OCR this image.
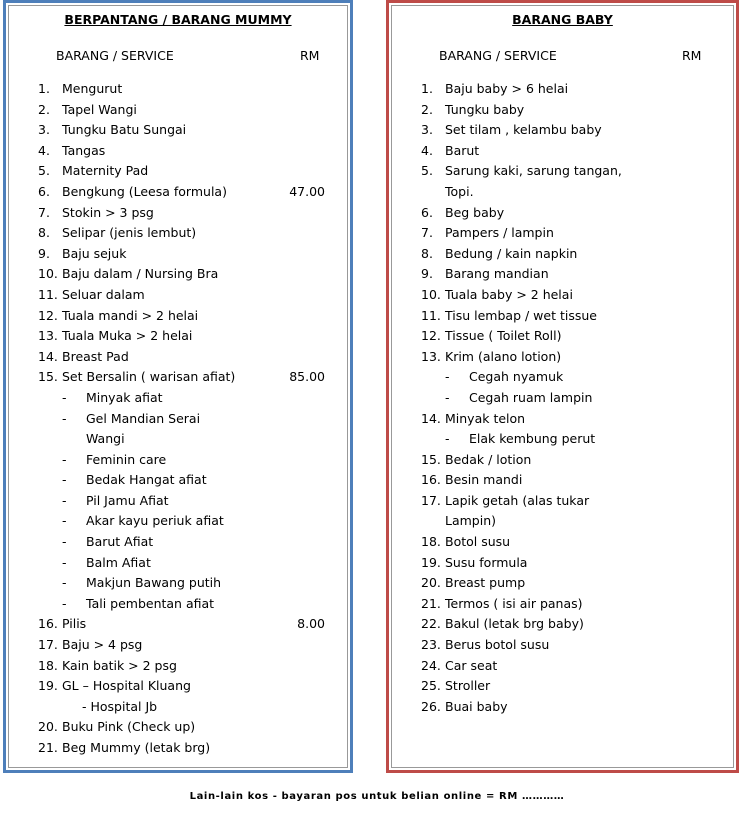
BERPANTANG / BARANG MUMMY
BARANG / SERVICE	RM
1. Mengurut
2. Tapel Wangi
3. Tungku Batu Sungai
4. Tangas
5. Maternity Pad
6. Bengkung (Leesa formula)	47.00
7. Stokin > 3 psg
8. Selipar (jenis lembut)
9. Baju sejuk
10. Baju dalam / Nursing Bra
11. Seluar dalam
12. Tuala mandi > 2 helai
13. Tuala Muka > 2 helai
14. Breast Pad
15. Set Bersalin ( warisan afiat)	85.00
- Minyak afiat
- Gel Mandian Serai
Wangi
- Feminin care
- Bedak Hangat afiat
- Pil Jamu Afiat
- Akar kayu periuk afiat
- Barut Afiat
- Balm Afiat
- Makjun Bawang putih
- Tali pembentan afiat
16. Pilis	8.00
17. Baju > 4 psg
18. Kain batik > 2 psg
19. GL – Hospital Kluang
- Hospital Jb
20. Buku Pink (Check up)
21. Beg Mummy (letak brg)
BARANG BABY
BARANG / SERVICE	RM
1. Baju baby > 6 helai
2. Tungku baby
3. Set tilam , kelambu baby
4. Barut
5. Sarung kaki, sarung tangan,
Topi.
6. Beg baby
7. Pampers / lampin
8. Bedung / kain napkin
9. Barang mandian
10. Tuala baby > 2 helai
11. Tisu lembap / wet tissue
12. Tissue ( Toilet Roll)
13. Krim (alano lotion)
- Cegah nyamuk
- Cegah ruam lampin
14. Minyak telon
- Elak kembung perut
15. Bedak / lotion
16. Besin mandi
17. Lapik getah (alas tukar
Lampin)
18. Botol susu
19. Susu formula
20. Breast pump
21. Termos ( isi air panas)
22. Bakul (letak brg baby)
23. Berus botol susu
24. Car seat
25. Stroller
26. Buai baby
Lain-lain kos - bayaran pos untuk belian online = RM …………
